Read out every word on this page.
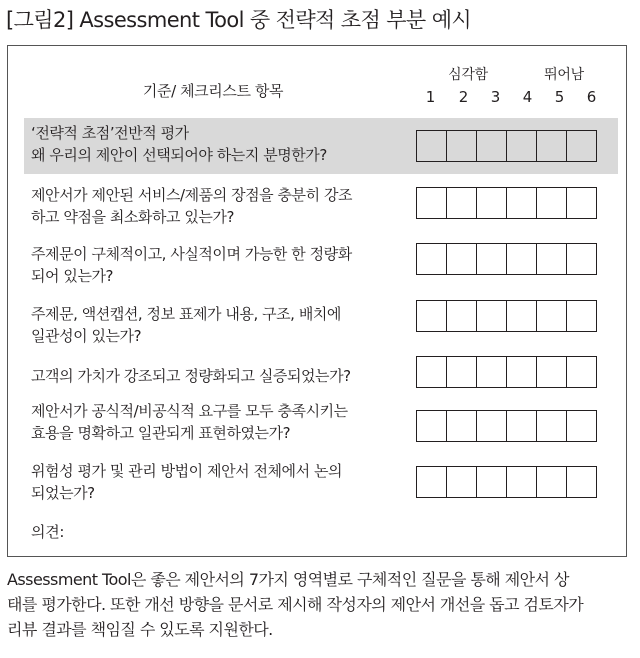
[그림2] Assessment Tool 중 전략적 초점 부분 예시
기준/ 체크리스트 항목
심각함	뛰어남
1	2	3	4	5	6
‘전략적 초점’전반적 평가
왜 우리의 제안이 선택되어야 하는지 분명한가?
제안서가 제안된 서비스/제품의 장점을 충분히 강조
하고 약점을 최소화하고 있는가?
주제문이 구체적이고, 사실적이며 가능한 한 정량화
되어 있는가?
주제문, 액션캡션, 정보 표제가 내용, 구조, 배치에
일관성이 있는가?
고객의 가치가 강조되고 정량화되고 실증되었는가?
제안서가 공식적/비공식적 요구를 모두 충족시키는
효용을 명확하고 일관되게 표현하였는가?
위험성 평가 및 관리 방법이 제안서 전체에서 논의
되었는가?
의견:
Assessment Tool은 좋은 제안서의 7가지 영역별로 구체적인 질문을 통해 제안서 상
태를 평가한다. 또한 개선 방향을 문서로 제시해 작성자의 제안서 개선을 돕고 검토자가
리뷰 결과를 책임질 수 있도록 지원한다.
